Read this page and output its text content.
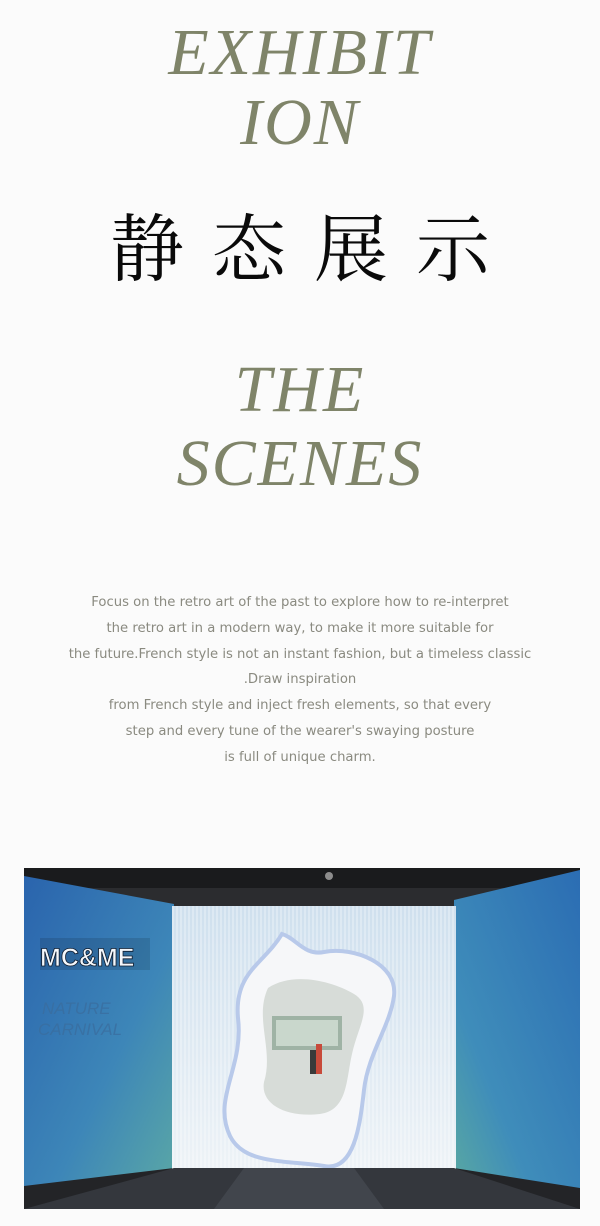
EXHIBIT
ION
静态展示
THE
SCENES
Focus on the retro art of the past to explore how to re-interpret
the retro art in a modern way, to make it more suitable for
the future.French style is not an instant fashion, but a timeless classic
.Draw inspiration
from French style and inject fresh elements, so that every
step and every tune of the wearer's swaying posture
is full of unique charm.
MC&ME
NATURE
CARNIVAL
